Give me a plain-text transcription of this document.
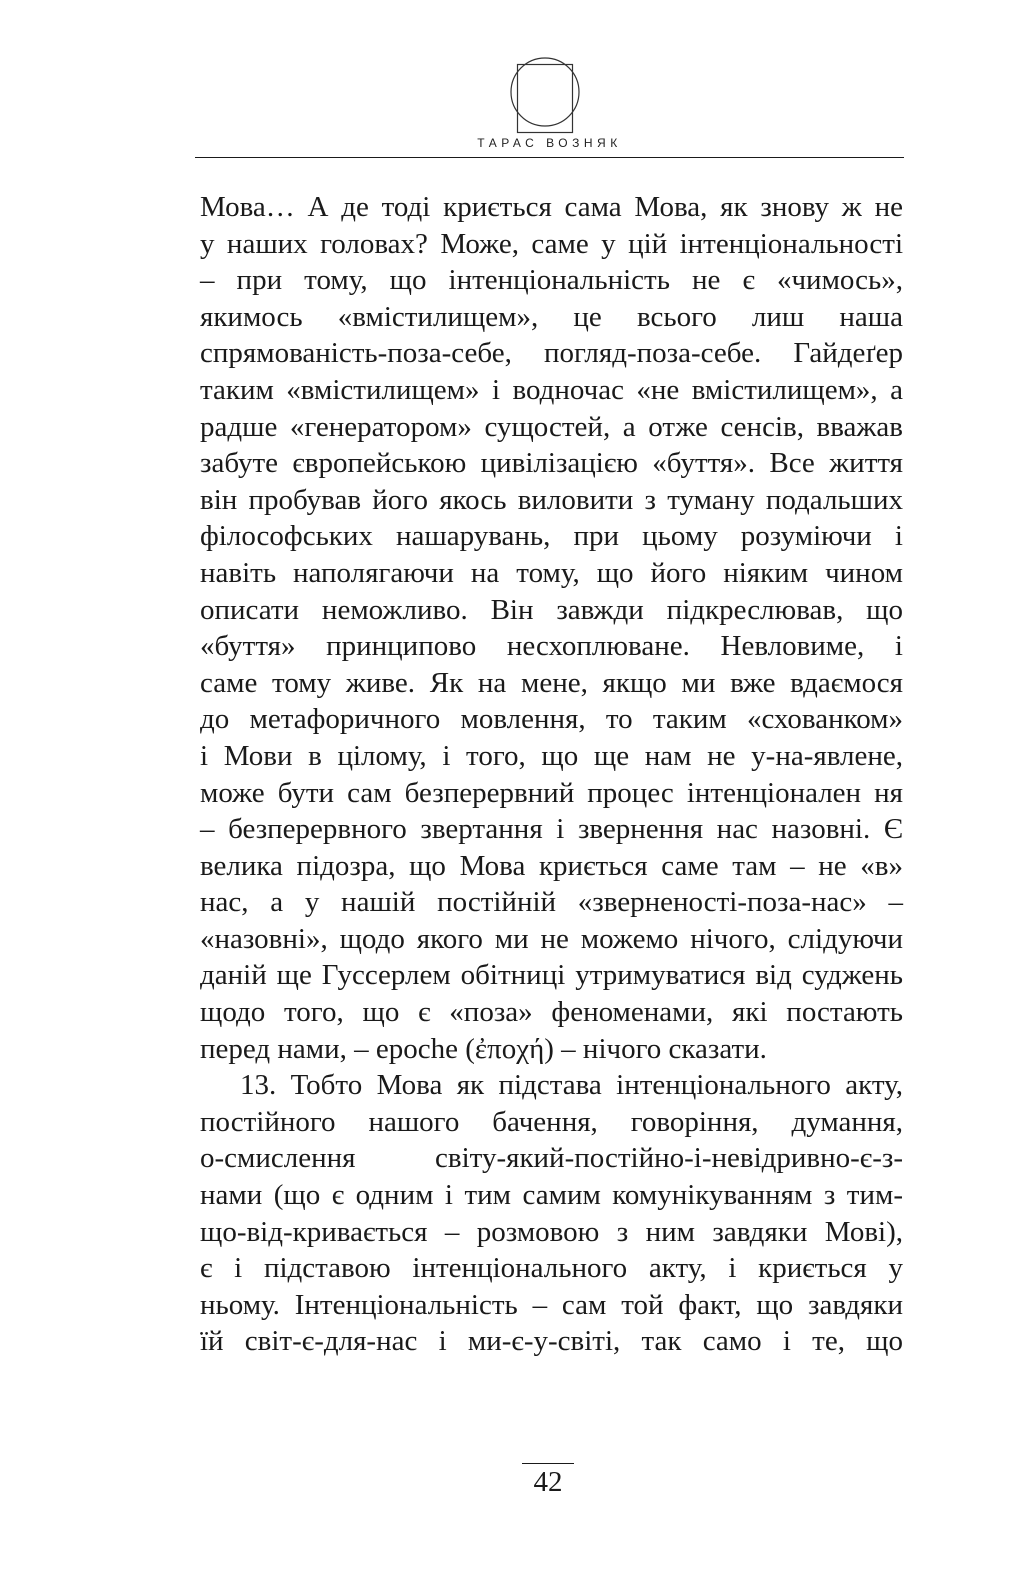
ТАРАС ВОЗНЯК
Мова… А де тоді криється сама Мова, як знову ж не
у наших головах? Може, саме у цій інтенціональності
– при тому, що інтенціональність не є «чимось»,
якимось «вмістилищем», це всього лиш наша
спрямованість-поза-себе, погляд-поза-себе. Гайдеґер
таким «вмістилищем» і водночас «не вмістилищем», а
радше «генератором» сущостей, а отже сенсів, вважав
забуте європейською цивілізацією «буття». Все життя
він пробував його якось виловити з туману подальших
філософських нашарувань, при цьому розуміючи і
навіть наполягаючи на тому, що його ніяким чином
описати неможливо. Він завжди підкреслював, що
«буття» принципово несхоплюване. Невловиме, і
саме тому живе. Як на мене, якщо ми вже вдаємося
до метафоричного мовлення, то таким «схованком»
і Мови в цілому, і того, що ще нам не у-на-явлене,
може бути сам безперервний процес інтенціонален ня
– безперервного звертання і звернення нас назовні. Є
велика підозра, що Мова криється саме там – не «в»
нас, а у нашій постійній «зверненості-поза-нас» –
«назовні», щодо якого ми не можемо нічого, слідуючи
даній ще Гуссерлем обітниці утримуватися від суджень
щодо того, що є «поза» феноменами, які постають
перед нами, – epoche (ἐποχή) – нічого сказати.
13. Тобто Мова як підстава інтенціонального акту,
постійного нашого бачення, говоріння, думання,
о-смислення світу-який-постійно-і-невідривно-є-з-
нами (що є одним і тим самим комунікуванням з тим-
що-від-кривається – розмовою з ним завдяки Мові),
є і підставою інтенціонального акту, і криється у
ньому. Інтенціональність – сам той факт, що завдяки
їй світ-є-для-нас і ми-є-у-світі, так само і те, що
42
